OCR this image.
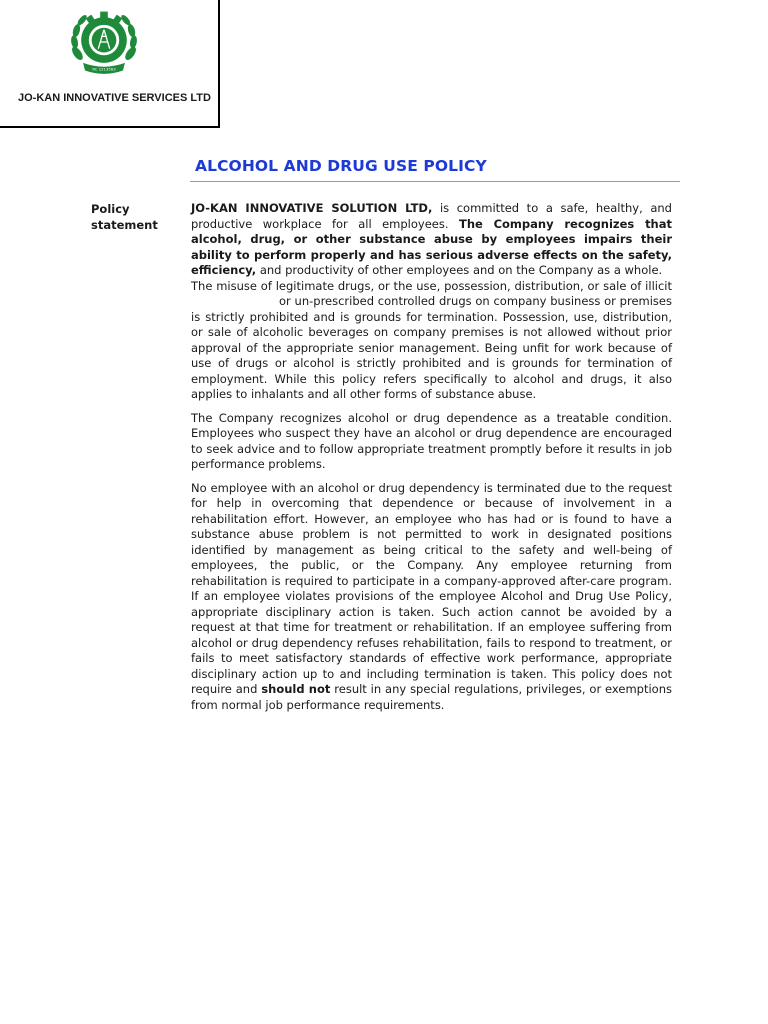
RC 1213563
JO-KAN INNOVATIVE SERVICES LTD
ALCOHOL AND DRUG USE POLICY
Policy
statement

JO-KAN INNOVATIVE SOLUTION LTD, is committed to a safe, healthy, and productive workplace for all employees. The Company recognizes that alcohol, drug, or other substance abuse by employees impairs their ability to perform properly and has serious adverse effects on the safety, efficiency, and productivity of other employees and on the Company as a whole.
The misuse of legitimate drugs, or the use, possession, distribution, or sale of illicitor un-prescribed controlled drugs on company business or premises is strictly prohibited and is grounds for termination. Possession, use, distribution, or sale of alcoholic beverages on company premises is not allowed without prior approval of the appropriate senior management. Being unfit for work because of use of drugs or alcohol is strictly prohibited and is grounds for termination of employment. While this policy refers specifically to alcohol and drugs, it also applies to inhalants and all other forms of substance abuse.

The Company recognizes alcohol or drug dependence as a treatable condition. Employees who suspect they have an alcohol or drug dependence are encouraged to seek advice and to follow appropriate treatment promptly before it results in job performance problems.

No employee with an alcohol or drug dependency is terminated due to the request for help in overcoming that dependence or because of involvement in a rehabilitation effort. However, an employee who has had or is found to have a substance abuse problem is not permitted to work in designated positions identified by management as being critical to the safety and well-being of employees, the public, or the Company. Any employee returning from rehabilitation is required to participate in a company-approved after-care program. If an employee violates provisions of the employee Alcohol and Drug Use Policy, appropriate disciplinary action is taken. Such action cannot be avoided by a request at that time for treatment or rehabilitation. If an employee suffering from alcohol or drug dependency refuses rehabilitation, fails to respond to treatment, or fails to meet satisfactory standards of effective work performance, appropriate disciplinary action up to and including termination is taken. This policy does not require and should not result in any special regulations, privileges, or exemptions from normal job performance requirements.
